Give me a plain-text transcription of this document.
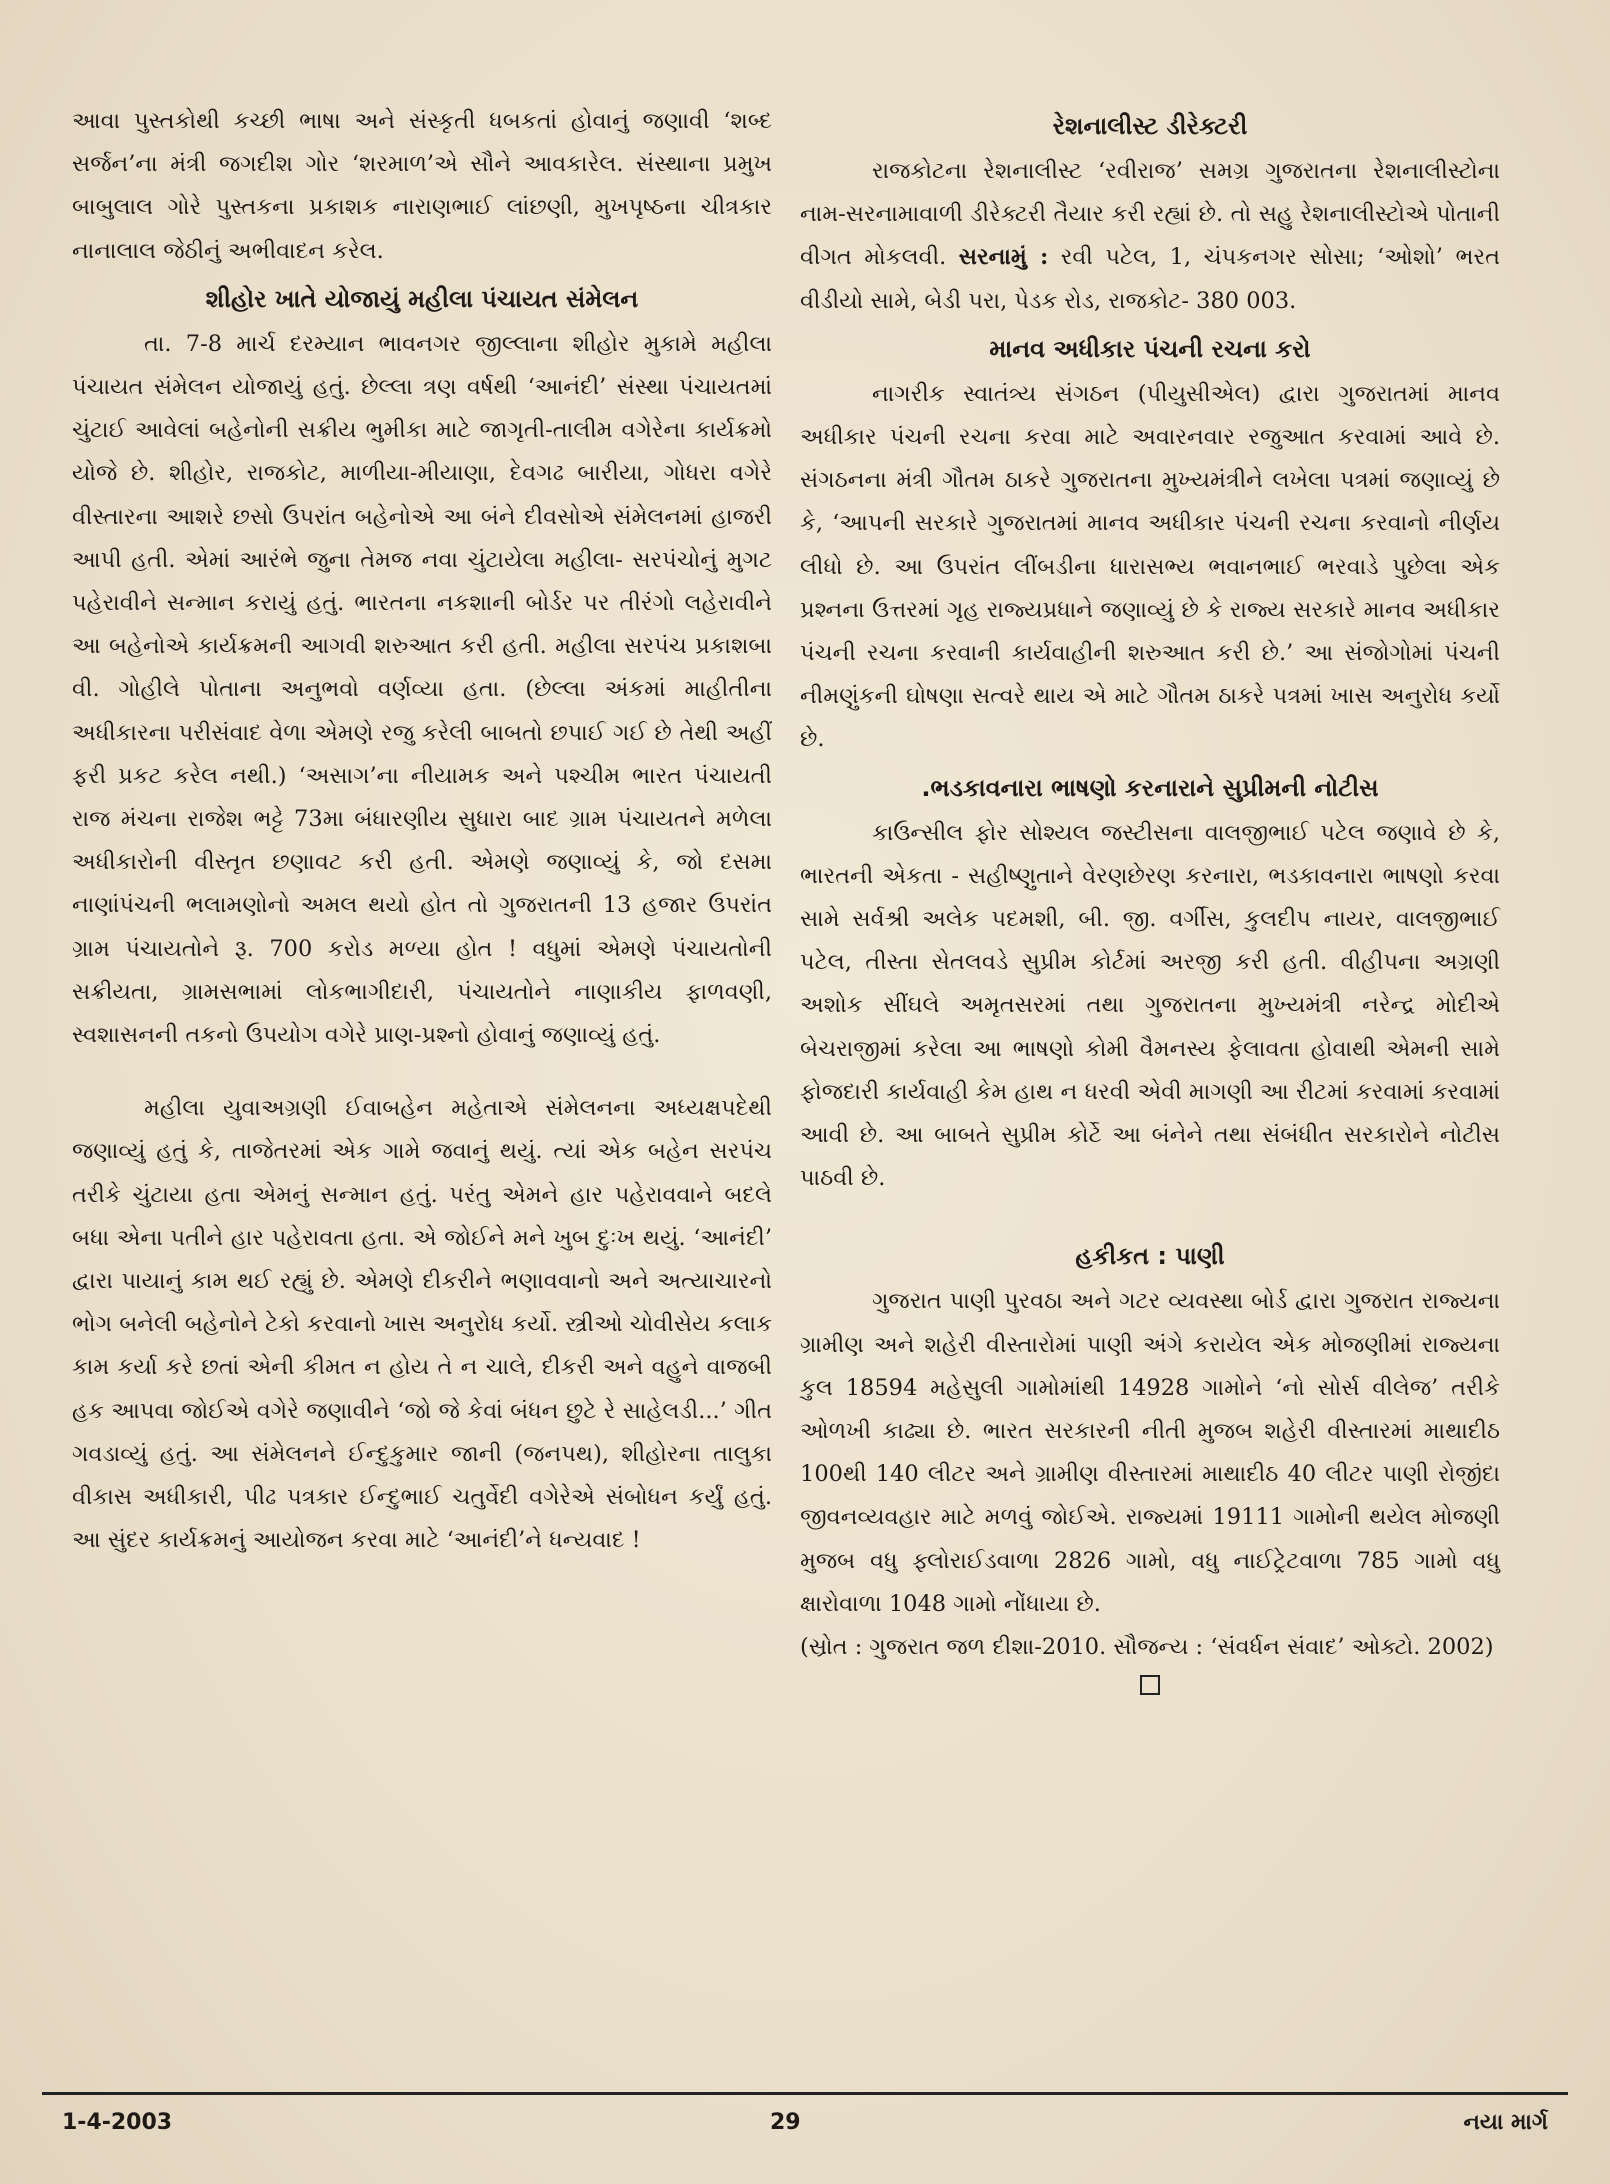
આવા પુસ્તકોથી કચ્છી ભાષા અને સંસ્કૃતી ધબકતાં હોવાનું જણાવી ‘શબ્દ સર્જન’ના મંત્રી જગદીશ ગોર ‘શરમાળ’એ સૌને આવકારેલ. સંસ્થાના પ્રમુખ બાબુલાલ ગોરે પુસ્તકના પ્રકાશક નારાણભાઈ લાંછણી, મુખપૃષ્ઠના ચીત્રકાર નાનાલાલ જેઠીનું અભીવાદન કરેલ.

શીહોર ખાતે યોજાયું મહીલા પંચાયત સંમેલન

તા. 7-8 માર્ચ દરમ્યાન ભાવનગર જીલ્લાના શીહોર મુકામે મહીલા પંચાયત સંમેલન યોજાયું હતું. છેલ્લા ત્રણ વર્ષથી ‘આનંદી’ સંસ્થા પંચાયતમાં ચુંટાઈ આવેલાં બહેનોની સક્રીય ભુમીકા માટે જાગૃતી-તાલીમ વગેરેના કાર્યક્રમો યોજે છે. શીહોર, રાજકોટ, માળીયા-મીયાણા, દેવગઢ બારીયા, ગોધરા વગેરે વીસ્તારના આશરે છસો ઉપરાંત બહેનોએ આ બંને દીવસોએ સંમેલનમાં હાજરી આપી હતી. એમાં આરંભે જુના તેમજ નવા ચુંટાયેલા મહીલા- સરપંચોનું મુગટ પહેરાવીને સન્માન કરાયું હતું. ભારતના નકશાની બોર્ડર પર તીરંગો લહેરાવીને આ બહેનોએ કાર્યક્રમની આગવી શરુઆત કરી હતી. મહીલા સરપંચ પ્રકાશબા વી. ગોહીલે પોતાના અનુભવો વર્ણવ્યા હતા. (છેલ્લા અંકમાં માહીતીના અધીકારના પરીસંવાદ વેળા એમણે રજુ કરેલી બાબતો છપાઈ ગઈ છે તેથી અહીં ફરી પ્રકટ કરેલ નથી.) ‘અસાગ’ના નીયામક અને પશ્ચીમ ભારત પંચાયતી રાજ મંચના રાજેશ ભટ્ટે 73મા બંધારણીય સુધારા બાદ ગ્રામ પંચાયતને મળેલા અધીકારોની વીસ્તૃત છણાવટ કરી હતી. એમણે જણાવ્યું કે, જો દસમા નાણાંપંચની ભલામણોનો અમલ થયો હોત તો ગુજરાતની 13 હજાર ઉપરાંત ગ્રામ પંચાયતોને રૂ. 700 કરોડ મળ્યા હોત ! વધુમાં એમણે પંચાયતોની સક્રીયતા, ગ્રામસભામાં લોકભાગીદારી, પંચાયતોને નાણાકીય ફાળવણી, સ્વશાસનની તકનો ઉપયોગ વગેરે પ્રાણ-પ્રશ્નો હોવાનું જણાવ્યું હતું.

મહીલા યુવાઅગ્રણી ઈવાબહેન મહેતાએ સંમેલનના અધ્યક્ષપદેથી જણાવ્યું હતું કે, તાજેતરમાં એક ગામે જવાનું થયું. ત્યાં એક બહેન સરપંચ તરીકે ચુંટાયા હતા એમનું સન્માન હતું. પરંતુ એમને હાર પહેરાવવાને બદલે બધા એના પતીને હાર પહેરાવતા હતા. એ જોઈને મને ખુબ દુઃખ થયું. ‘આનંદી’ દ્વારા પાયાનું કામ થઈ રહ્યું છે. એમણે દીકરીને ભણાવવાનો અને અત્યાચારનો ભોગ બનેલી બહેનોને ટેકો કરવાનો ખાસ અનુરોધ કર્યો. સ્ત્રીઓ ચોવીસેય કલાક કામ કર્યા કરે છતાં એની કીમત ન હોય તે ન ચાલે, દીકરી અને વહુને વાજબી હક આપવા જોઈએ વગેરે જણાવીને ‘જો જે કેવાં બંધન છુટે રે સાહેલડી...’ ગીત ગવડાવ્યું હતું. આ સંમેલનને ઈન્દુકુમાર જાની (જનપથ), શીહોરના તાલુકા વીકાસ અધીકારી, પીઢ પત્રકાર ઈન્દુભાઈ ચતુર્વેદી વગેરેએ સંબોધન કર્યું હતું. આ સુંદર કાર્યક્રમનું આયોજન કરવા માટે ‘આનંદી’ને ધન્યવાદ !

રેશનાલીસ્ટ ડીરેક્ટરી

રાજકોટના રેશનાલીસ્ટ ‘રવીરાજ’ સમગ્ર ગુજરાતના રેશનાલીસ્ટોના નામ-સરનામાવાળી ડીરેક્ટરી તૈયાર કરી રહ્યાં છે. તો સહુ રેશનાલીસ્ટોએ પોતાની વીગત મોકલવી. સરનામું : રવી પટેલ, 1, ચંપકનગર સોસા; ‘ઓશો’ ભરત વીડીયો સામે, બેડી પરા, પેડક રોડ, રાજકોટ- 380 003.

માનવ અધીકાર પંચની રચના કરો

નાગરીક સ્વાતંત્ર્ય સંગઠન (પીયુસીએલ) દ્વારા ગુજરાતમાં માનવ અધીકાર પંચની રચના કરવા માટે અવારનવાર રજુઆત કરવામાં આવે છે. સંગઠનના મંત્રી ગૌતમ ઠાકરે ગુજરાતના મુખ્યમંત્રીને લખેલા પત્રમાં જણાવ્યું છે કે, ‘આપની સરકારે ગુજરાતમાં માનવ અધીકાર પંચની રચના કરવાનો નીર્ણય લીધો છે. આ ઉપરાંત લીંબડીના ધારાસભ્ય ભવાનભાઈ ભરવાડે પુછેલા એક પ્રશ્નના ઉત્તરમાં ગૃહ રાજ્યપ્રધાને જણાવ્યું છે કે રાજ્ય સરકારે માનવ અધીકાર પંચની રચના કરવાની કાર્યવાહીની શરુઆત કરી છે.’ આ સંજોગોમાં પંચની નીમણુંકની ઘોષણા સત્વરે થાય એ માટે ગૌતમ ઠાકરે પત્રમાં ખાસ અનુરોધ કર્યો છે.

.ભડકાવનારા ભાષણો કરનારાને સુપ્રીમની નોટીસ

કાઉન્સીલ ફોર સોશ્યલ જસ્ટીસના વાલજીભાઈ પટેલ જણાવે છે કે, ભારતની એકતા - સહીષ્ણુતાને વેરણછેરણ કરનારા, ભડકાવનારા ભાષણો કરવા સામે સર્વશ્રી અલેક પદમશી, બી. જી. વર્ગીસ, કુલદીપ નાયર, વાલજીભાઈ પટેલ, તીસ્તા સેતલવડે સુપ્રીમ કોર્ટમાં અરજી કરી હતી. વીહીપના અગ્રણી અશોક સીંઘલે અમૃતસરમાં તથા ગુજરાતના મુખ્યમંત્રી નરેન્દ્ર મોદીએ બેચરાજીમાં કરેલા આ ભાષણો કોમી વૈમનસ્ય ફેલાવતા હોવાથી એમની સામે ફોજદારી કાર્યવાહી કેમ હાથ ન ધરવી એવી માગણી આ રીટમાં કરવામાં કરવામાં આવી છે. આ બાબતે સુપ્રીમ કોર્ટે આ બંનેને તથા સંબંધીત સરકારોને નોટીસ પાઠવી છે.

હકીકત : પાણી

ગુજરાત પાણી પુરવઠા અને ગટર વ્યવસ્થા બોર્ડ દ્વારા ગુજરાત રાજ્યના ગ્રામીણ અને શહેરી વીસ્તારોમાં પાણી અંગે કરાયેલ એક મોજણીમાં રાજ્યના કુલ 18594 મહેસુલી ગામોમાંથી 14928 ગામોને ‘નો સોર્સ વીલેજ’ તરીકે ઓળખી કાઢ્યા છે. ભારત સરકારની નીતી મુજબ શહેરી વીસ્તારમાં માથાદીઠ 100થી 140 લીટર અને ગ્રામીણ વીસ્તારમાં માથાદીઠ 40 લીટર પાણી રોજીંદા જીવનવ્યવહાર માટે મળવું જોઈએ. રાજ્યમાં 19111 ગામોની થયેલ મોજણી મુજબ વધુ ફ્લોરાઈડવાળા 2826 ગામો, વધુ નાઈટ્રેટવાળા 785 ગામો વધુ ક્ષારોવાળા 1048 ગામો નોંધાયા છે.

(સ્રોત : ગુજરાત જળ દીશા-2010. સૌજન્ય : ‘સંવર્ધન સંવાદ’ ઓક્ટો. 2002)

1-4-2003	29	નયા માર્ગ
